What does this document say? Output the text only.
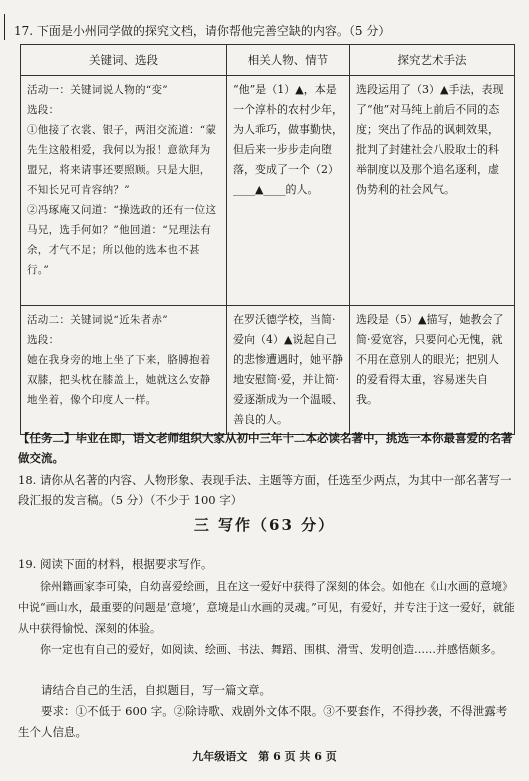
17. 下面是小州同学做的探究文档，请你帮他完善空缺的内容。（5 分）
关键词、选段	相关人物、情节	探究艺术手法

活动一：关键词说人物的“变”
选段：
①他接了衣裳、银子，两泪交流道：“蒙先生这般相爱，我何以为报！意欲拜为盟兄，将来请事还要照顾。只是大胆，不知长兄可肯容纳？”
②冯琢庵又问道：“操选政的还有一位这马兄，选手何如？”他回道：“兄理法有余，才气不足；所以他的选本也不甚行。”	“他”是（1）▲，本是一个淳朴的农村少年，为人乖巧，做事勤快，但后来一步步走向堕落，变成了一个（2）____▲____的人。	选段运用了（3）▲手法，表现了“他”对马纯上前后不同的态度；突出了作品的讽刺效果，批判了封建社会八股取士的科举制度以及那个追名逐利，虚伪势利的社会风气。

活动二：关键词说“近朱者赤”
选段：
她在我身旁的地上坐了下来，胳膊抱着双膝，把头枕在膝盖上，她就这么安静地坐着，像个印度人一样。	在罗沃德学校，当简·爱向（4）▲说起自己的悲惨遭遇时，她平静地安慰简·爱，并让简·爱逐渐成为一个温暖、善良的人。	选段是（5）▲描写，她教会了简·爱宽容，只要问心无愧，就不用在意别人的眼光；把别人的爱看得太重，容易迷失自我。
【任务二】毕业在即，语文老师组织大家从初中三年十二本必读名著中，挑选一本你最喜爱的名著做交流。
18. 请你从名著的内容、人物形象、表现手法、主题等方面，任选至少两点，为其中一部名著写一段汇报的发言稿。（5 分）（不少于 100 字）
三 写作（63 分）
19. 阅读下面的材料，根据要求写作。

徐州籍画家李可染，自幼喜爱绘画，且在这一爱好中获得了深刻的体会。如他在《山水画的意境》中说“画山水，最重要的问题是‘意境’，意境是山水画的灵魂。”可见，有爱好，并专注于这一爱好，就能从中获得愉悦、深刻的体验。

你一定也有自己的爱好，如阅读、绘画、书法、舞蹈、围棋、滑雪、发明创造……并感悟颇多。

请结合自己的生活，自拟题目，写一篇文章。

要求：①不低于 600 字。②除诗歌、戏剧外文体不限。③不要套作，不得抄袭，不得泄露考生个人信息。

九年级语文　第 6 页 共 6 页
